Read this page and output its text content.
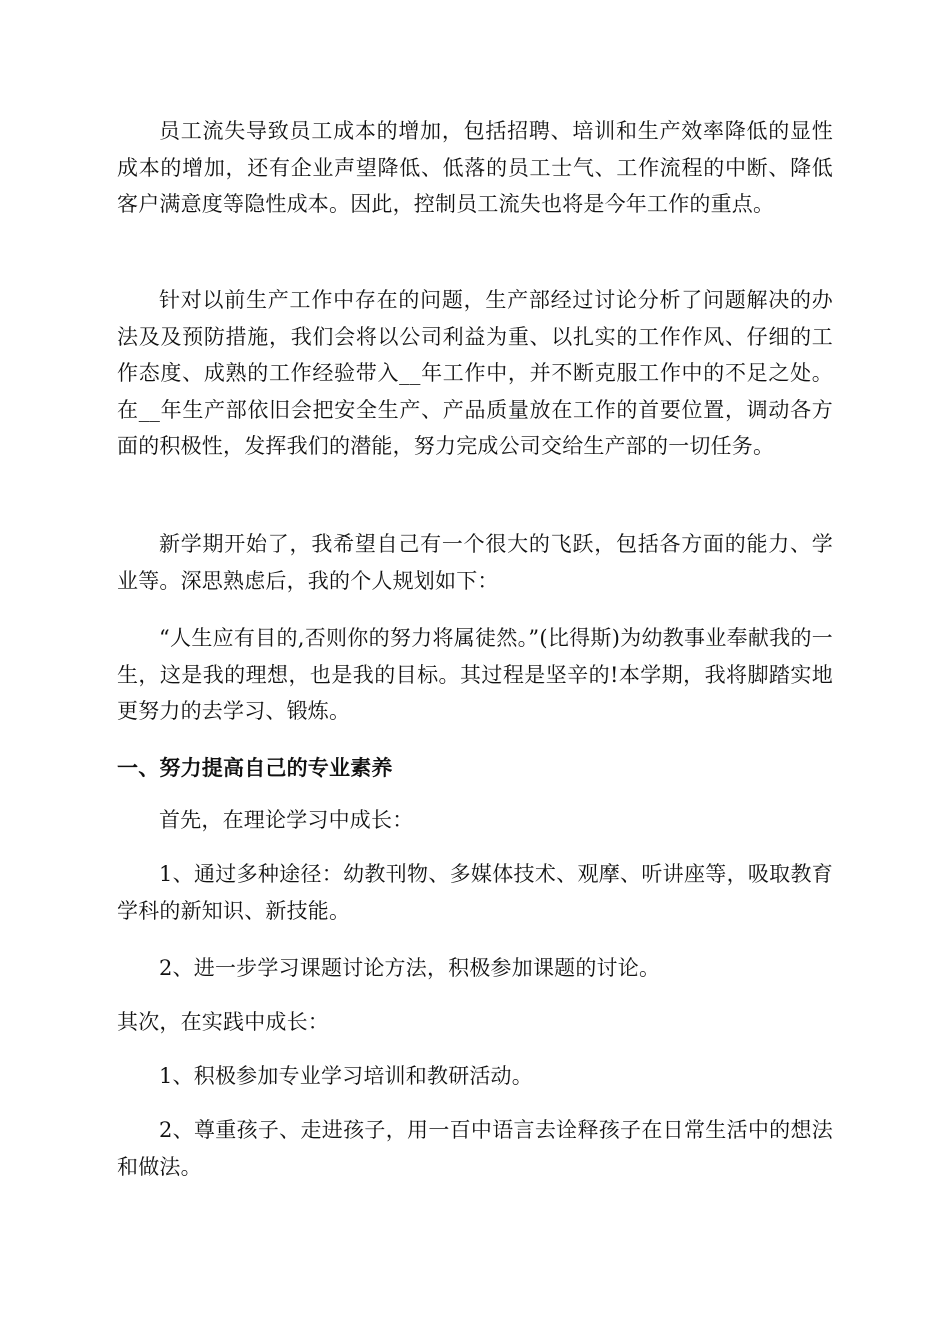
员工流失导致员工成本的增加，包括招聘、培训和生产效率降低的显性成本的增加，还有企业声望降低、低落的员工士气、工作流程的中断、降低客户满意度等隐性成本。因此，控制员工流失也将是今年工作的重点。

针对以前生产工作中存在的问题，生产部经过讨论分析了问题解决的办法及及预防措施，我们会将以公司利益为重、以扎实的工作作风、仔细的工作态度、成熟的工作经验带入__年工作中，并不断克服工作中的不足之处。在__年生产部依旧会把安全生产、产品质量放在工作的首要位置，调动各方面的积极性，发挥我们的潜能，努力完成公司交给生产部的一切任务。

新学期开始了，我希望自己有一个很大的飞跃，包括各方面的能力、学业等。深思熟虑后，我的个人规划如下：

“人生应有目的,否则你的努力将属徒然。”(比得斯)为幼教事业奉献我的一生，这是我的理想，也是我的目标。其过程是坚辛的!本学期，我将脚踏实地更努力的去学习、锻炼。

一、努力提高自己的专业素养

首先，在理论学习中成长：

1、通过多种途径：幼教刊物、多媒体技术、观摩、听讲座等，吸取教育学科的新知识、新技能。

2、进一步学习课题讨论方法，积极参加课题的讨论。

其次，在实践中成长：

1、积极参加专业学习培训和教研活动。

2、尊重孩子、走进孩子，用一百中语言去诠释孩子在日常生活中的想法和做法。
